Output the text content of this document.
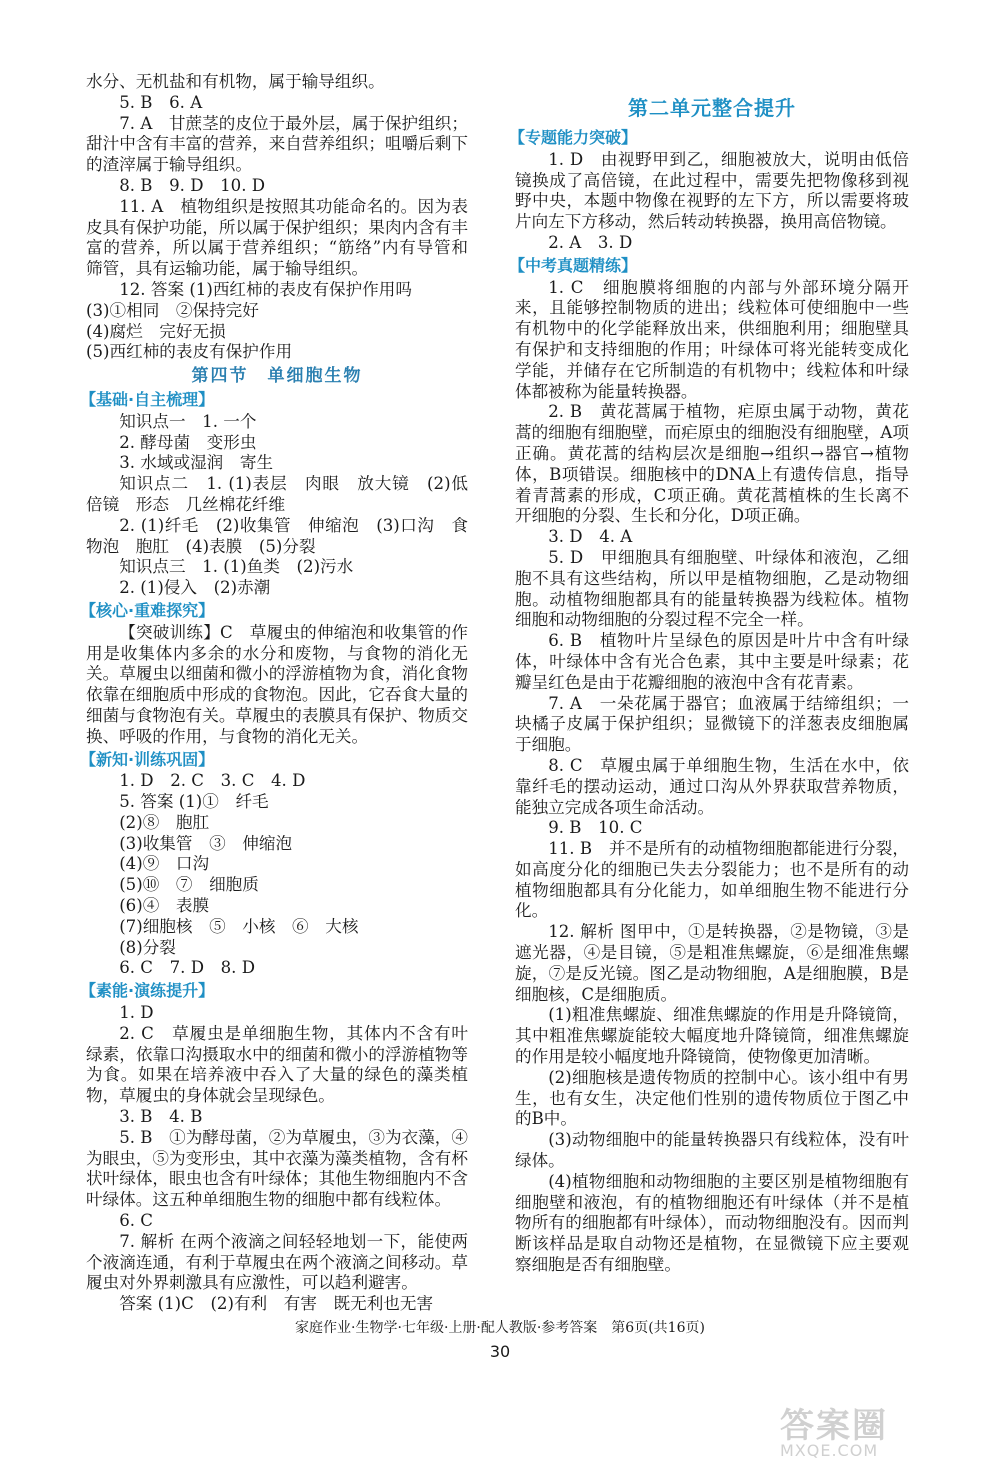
水分、无机盐和有机物，属于输导组织。

5. B　6. A

7. A　甘蔗茎的皮位于最外层，属于保护组织；甜汁中含有丰富的营养，来自营养组织；咀嚼后剩下的渣滓属于输导组织。

8. B　9. D　10. D

11. A　植物组织是按照其功能命名的。因为表皮具有保护功能，所以属于保护组织；果肉内含有丰富的营养，所以属于营养组织；“筋络”内有导管和筛管，具有运输功能，属于输导组织。

12. 答案 (1)西红柿的表皮有保护作用吗

(3)①相同　②保持完好

(4)腐烂　完好无损

(5)西红柿的表皮有保护作用

第四节　单细胞生物
【基础·自主梳理】

知识点一　1. 一个

2. 酵母菌　变形虫

3. 水域或湿润　寄生

知识点二　1. (1)表层　肉眼　放大镜　(2)低倍镜　形态　几丝棉花纤维

2. (1)纤毛　(2)收集管　伸缩泡　(3)口沟　食物泡　胞肛　(4)表膜　(5)分裂

知识点三　1. (1)鱼类　(2)污水

2. (1)侵入　(2)赤潮

【核心·重难探究】

【突破训练】C　草履虫的伸缩泡和收集管的作用是收集体内多余的水分和废物，与食物的消化无关。草履虫以细菌和微小的浮游植物为食，消化食物依靠在细胞质中形成的食物泡。因此，它吞食大量的细菌与食物泡有关。草履虫的表膜具有保护、物质交换、呼吸的作用，与食物的消化无关。

【新知·训练巩固】

1. D　2. C　3. C　4. D

5. 答案 (1)①　纤毛

(2)⑧　胞肛

(3)收集管　③　伸缩泡

(4)⑨　口沟

(5)⑩　⑦　细胞质

(6)④　表膜

(7)细胞核　⑤　小核　⑥　大核

(8)分裂

6. C　7. D　8. D

【素能·演练提升】

1. D

2. C　草履虫是单细胞生物，其体内不含有叶绿素，依靠口沟摄取水中的细菌和微小的浮游植物等为食。如果在培养液中吞入了大量的绿色的藻类植物，草履虫的身体就会呈现绿色。

3. B　4. B

5. B　①为酵母菌，②为草履虫，③为衣藻，④为眼虫，⑤为变形虫，其中衣藻为藻类植物，含有杯状叶绿体，眼虫也含有叶绿体；其他生物细胞内不含叶绿体。这五种单细胞生物的细胞中都有线粒体。

6. C

7. 解析 在两个液滴之间轻轻地划一下，能使两个液滴连通，有利于草履虫在两个液滴之间移动。草履虫对外界刺激具有应激性，可以趋利避害。

答案 (1)C　(2)有利　有害　既无利也无害

第二单元整合提升
【专题能力突破】

1. D　由视野甲到乙，细胞被放大，说明由低倍镜换成了高倍镜，在此过程中，需要先把物像移到视野中央，本题中物像在视野的左下方，所以需要将玻片向左下方移动，然后转动转换器，换用高倍物镜。

2. A　3. D

【中考真题精练】

1. C　细胞膜将细胞的内部与外部环境分隔开来，且能够控制物质的进出；线粒体可使细胞中一些有机物中的化学能释放出来，供细胞利用；细胞壁具有保护和支持细胞的作用；叶绿体可将光能转变成化学能，并储存在它所制造的有机物中；线粒体和叶绿体都被称为能量转换器。

2. B　黄花蒿属于植物，疟原虫属于动物，黄花蒿的细胞有细胞壁，而疟原虫的细胞没有细胞壁，A项正确。黄花蒿的结构层次是细胞→组织→器官→植物体，B项错误。细胞核中的DNA上有遗传信息，指导着青蒿素的形成，C项正确。黄花蒿植株的生长离不开细胞的分裂、生长和分化，D项正确。

3. D　4. A

5. D　甲细胞具有细胞壁、叶绿体和液泡，乙细胞不具有这些结构，所以甲是植物细胞，乙是动物细胞。动植物细胞都具有的能量转换器为线粒体。植物细胞和动物细胞的分裂过程不完全一样。

6. B　植物叶片呈绿色的原因是叶片中含有叶绿体，叶绿体中含有光合色素，其中主要是叶绿素；花瓣呈红色是由于花瓣细胞的液泡中含有花青素。

7. A　一朵花属于器官；血液属于结缔组织；一块橘子皮属于保护组织；显微镜下的洋葱表皮细胞属于细胞。

8. C　草履虫属于单细胞生物，生活在水中，依靠纤毛的摆动运动，通过口沟从外界获取营养物质，能独立完成各项生命活动。

9. B　10. C

11. B　并不是所有的动植物细胞都能进行分裂，如高度分化的细胞已失去分裂能力；也不是所有的动植物细胞都具有分化能力，如单细胞生物不能进行分化。

12. 解析 图甲中，①是转换器，②是物镜，③是遮光器，④是目镜，⑤是粗准焦螺旋，⑥是细准焦螺旋，⑦是反光镜。图乙是动物细胞，A是细胞膜，B是细胞核，C是细胞质。

(1)粗准焦螺旋、细准焦螺旋的作用是升降镜筒，其中粗准焦螺旋能较大幅度地升降镜筒，细准焦螺旋的作用是较小幅度地升降镜筒，使物像更加清晰。

(2)细胞核是遗传物质的控制中心。该小组中有男生，也有女生，决定他们性别的遗传物质位于图乙中的B中。

(3)动物细胞中的能量转换器只有线粒体，没有叶绿体。

(4)植物细胞和动物细胞的主要区别是植物细胞有细胞壁和液泡，有的植物细胞还有叶绿体（并不是植物所有的细胞都有叶绿体），而动物细胞没有。因而判断该样品是取自动物还是植物，在显微镜下应主要观察细胞是否有细胞壁。

家庭作业·生物学·七年级·上册·配人教版·参考答案　第6页(共16页)
30
答案圈
MXQE.COM
